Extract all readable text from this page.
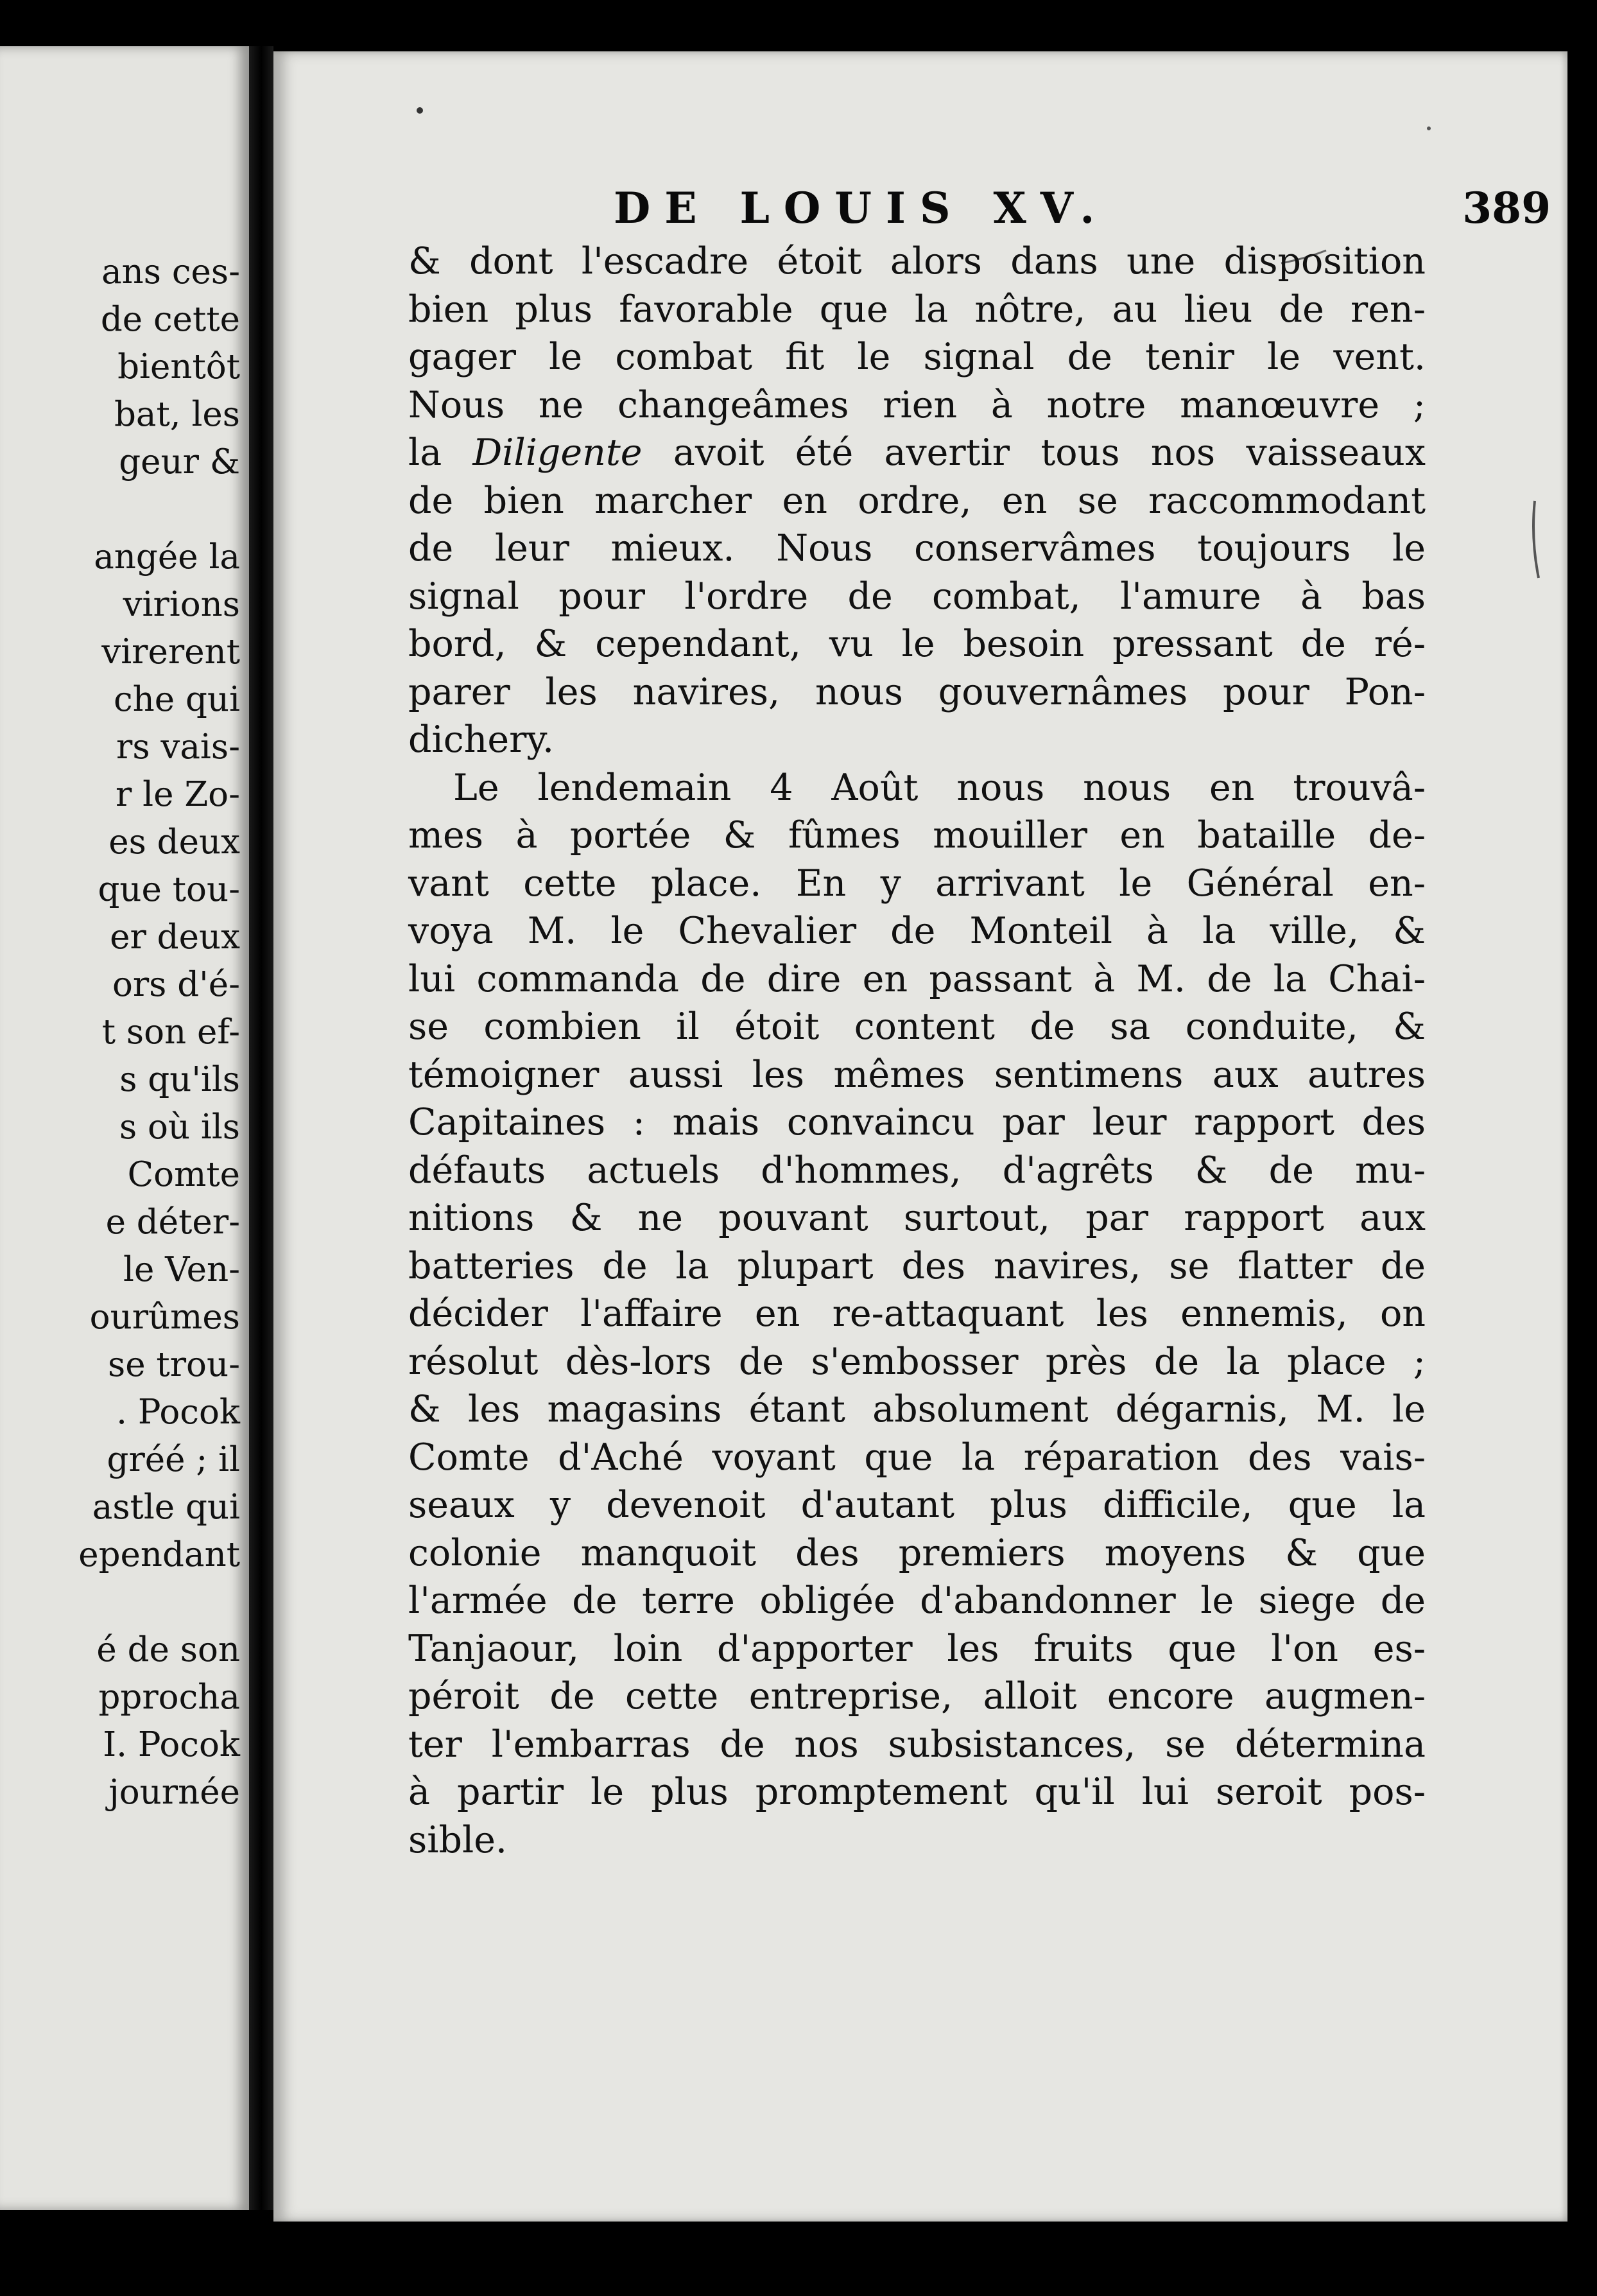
ans ces-
de cette
bientôt
bat, les
geur &
angée la
virions
virerent
che qui
rs vais-
r le Zo-
es deux
que tou-
er deux
ors d'é-
t son ef-
s qu'ils
s où ils
Comte
e déter-
le Ven-
ourûmes
se trou-
. Pocok
gréé ; il
astle qui
ependant
é de son
pprocha
I. Pocok
journée
DE LOUIS XV.	389
& dont l'escadre étoit alors dans une disposition
bien plus favorable que la nôtre, au lieu de ren-
gager le combat fit le signal de tenir le vent.
Nous ne changeâmes rien à notre manœuvre ;
la Diligente avoit été avertir tous nos vaisseaux
de bien marcher en ordre, en se raccommodant
de leur mieux. Nous conservâmes toujours le
signal pour l'ordre de combat, l'amure à bas
bord, & cependant, vu le besoin pressant de ré-
parer les navires, nous gouvernâmes pour Pon-
dichery.
Le lendemain 4 Août nous nous en trouvâ-
mes à portée & fûmes mouiller en bataille de-
vant cette place. En y arrivant le Général en-
voya M. le Chevalier de Monteil à la ville, &
lui commanda de dire en passant à M. de la Chai-
se combien il étoit content de sa conduite, &
témoigner aussi les mêmes sentimens aux autres
Capitaines : mais convaincu par leur rapport des
défauts actuels d'hommes, d'agrêts & de mu-
nitions & ne pouvant surtout, par rapport aux
batteries de la plupart des navires, se flatter de
décider l'affaire en re-attaquant les ennemis, on
résolut dès-lors de s'embosser près de la place ;
& les magasins étant absolument dégarnis, M. le
Comte d'Aché voyant que la réparation des vais-
seaux y devenoit d'autant plus difficile, que la
colonie manquoit des premiers moyens & que
l'armée de terre obligée d'abandonner le siege de
Tanjaour, loin d'apporter les fruits que l'on es-
péroit de cette entreprise, alloit encore augmen-
ter l'embarras de nos subsistances, se détermina
à partir le plus promptement qu'il lui seroit pos-
sible.
